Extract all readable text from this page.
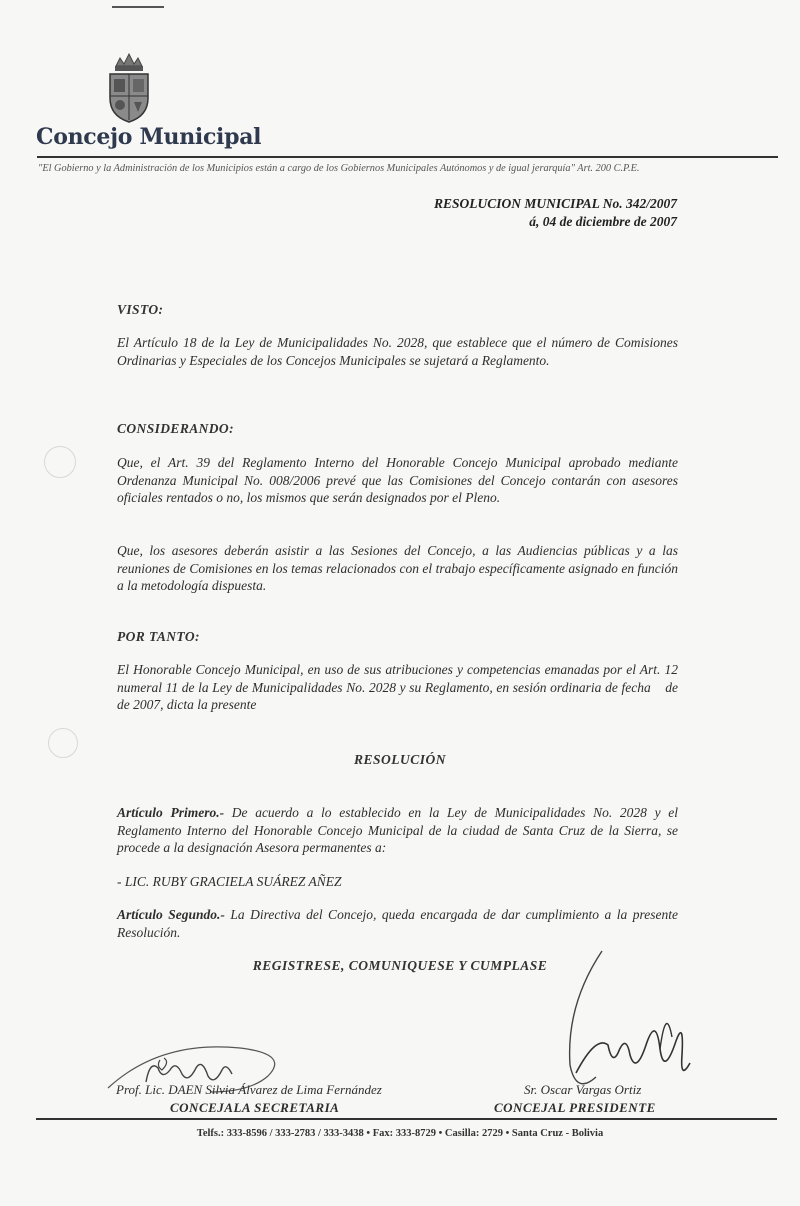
Concejo Municipal
"El Gobierno y la Administración de los Municipios están a cargo de los Gobiernos Municipales Autónomos y de igual jerarquía" Art. 200 C.P.E.
RESOLUCION MUNICIPAL No. 342/2007
á, 04 de diciembre de 2007
VISTO:
El Artículo 18 de la Ley de Municipalidades No. 2028, que establece que el número de Comisiones Ordinarias y Especiales de los Concejos Municipales se sujetará a Reglamento.
CONSIDERANDO:
Que, el Art. 39 del Reglamento Interno del Honorable Concejo Municipal aprobado mediante Ordenanza Municipal No. 008/2006 prevé que las Comisiones del Concejo contarán con asesores oficiales rentados o no, los mismos que serán designados por el Pleno.
Que, los asesores deberán asistir a las Sesiones del Concejo, a las Audiencias públicas y a las reuniones de Comisiones en los temas relacionados con el trabajo específicamente asignado en función a la metodología dispuesta.
POR TANTO:
El Honorable Concejo Municipal, en uso de sus atribuciones y competencias emanadas por el Art. 12 numeral 11 de la Ley de Municipalidades No. 2028 y su Reglamento, en sesión ordinaria de fecha    de        de 2007, dicta la presente
RESOLUCIÓN
Artículo Primero.- De acuerdo a lo establecido en la Ley de Municipalidades No. 2028 y el Reglamento Interno del Honorable Concejo Municipal de la ciudad de Santa Cruz de la Sierra, se procede a la designación Asesora permanentes a:
- LIC. RUBY GRACIELA SUÁREZ AÑEZ
Artículo Segundo.- La Directiva del Concejo, queda encargada de dar cumplimiento a la presente Resolución.
REGISTRESE, COMUNIQUESE Y CUMPLASE
Prof. Lic. DAEN Silvia Álvarez de Lima Fernández
CONCEJALA SECRETARIA
Sr. Oscar Vargas Ortiz
CONCEJAL PRESIDENTE
Telfs.: 333-8596 / 333-2783 / 333-3438 • Fax: 333-8729 • Casilla: 2729 • Santa Cruz - Bolivia
